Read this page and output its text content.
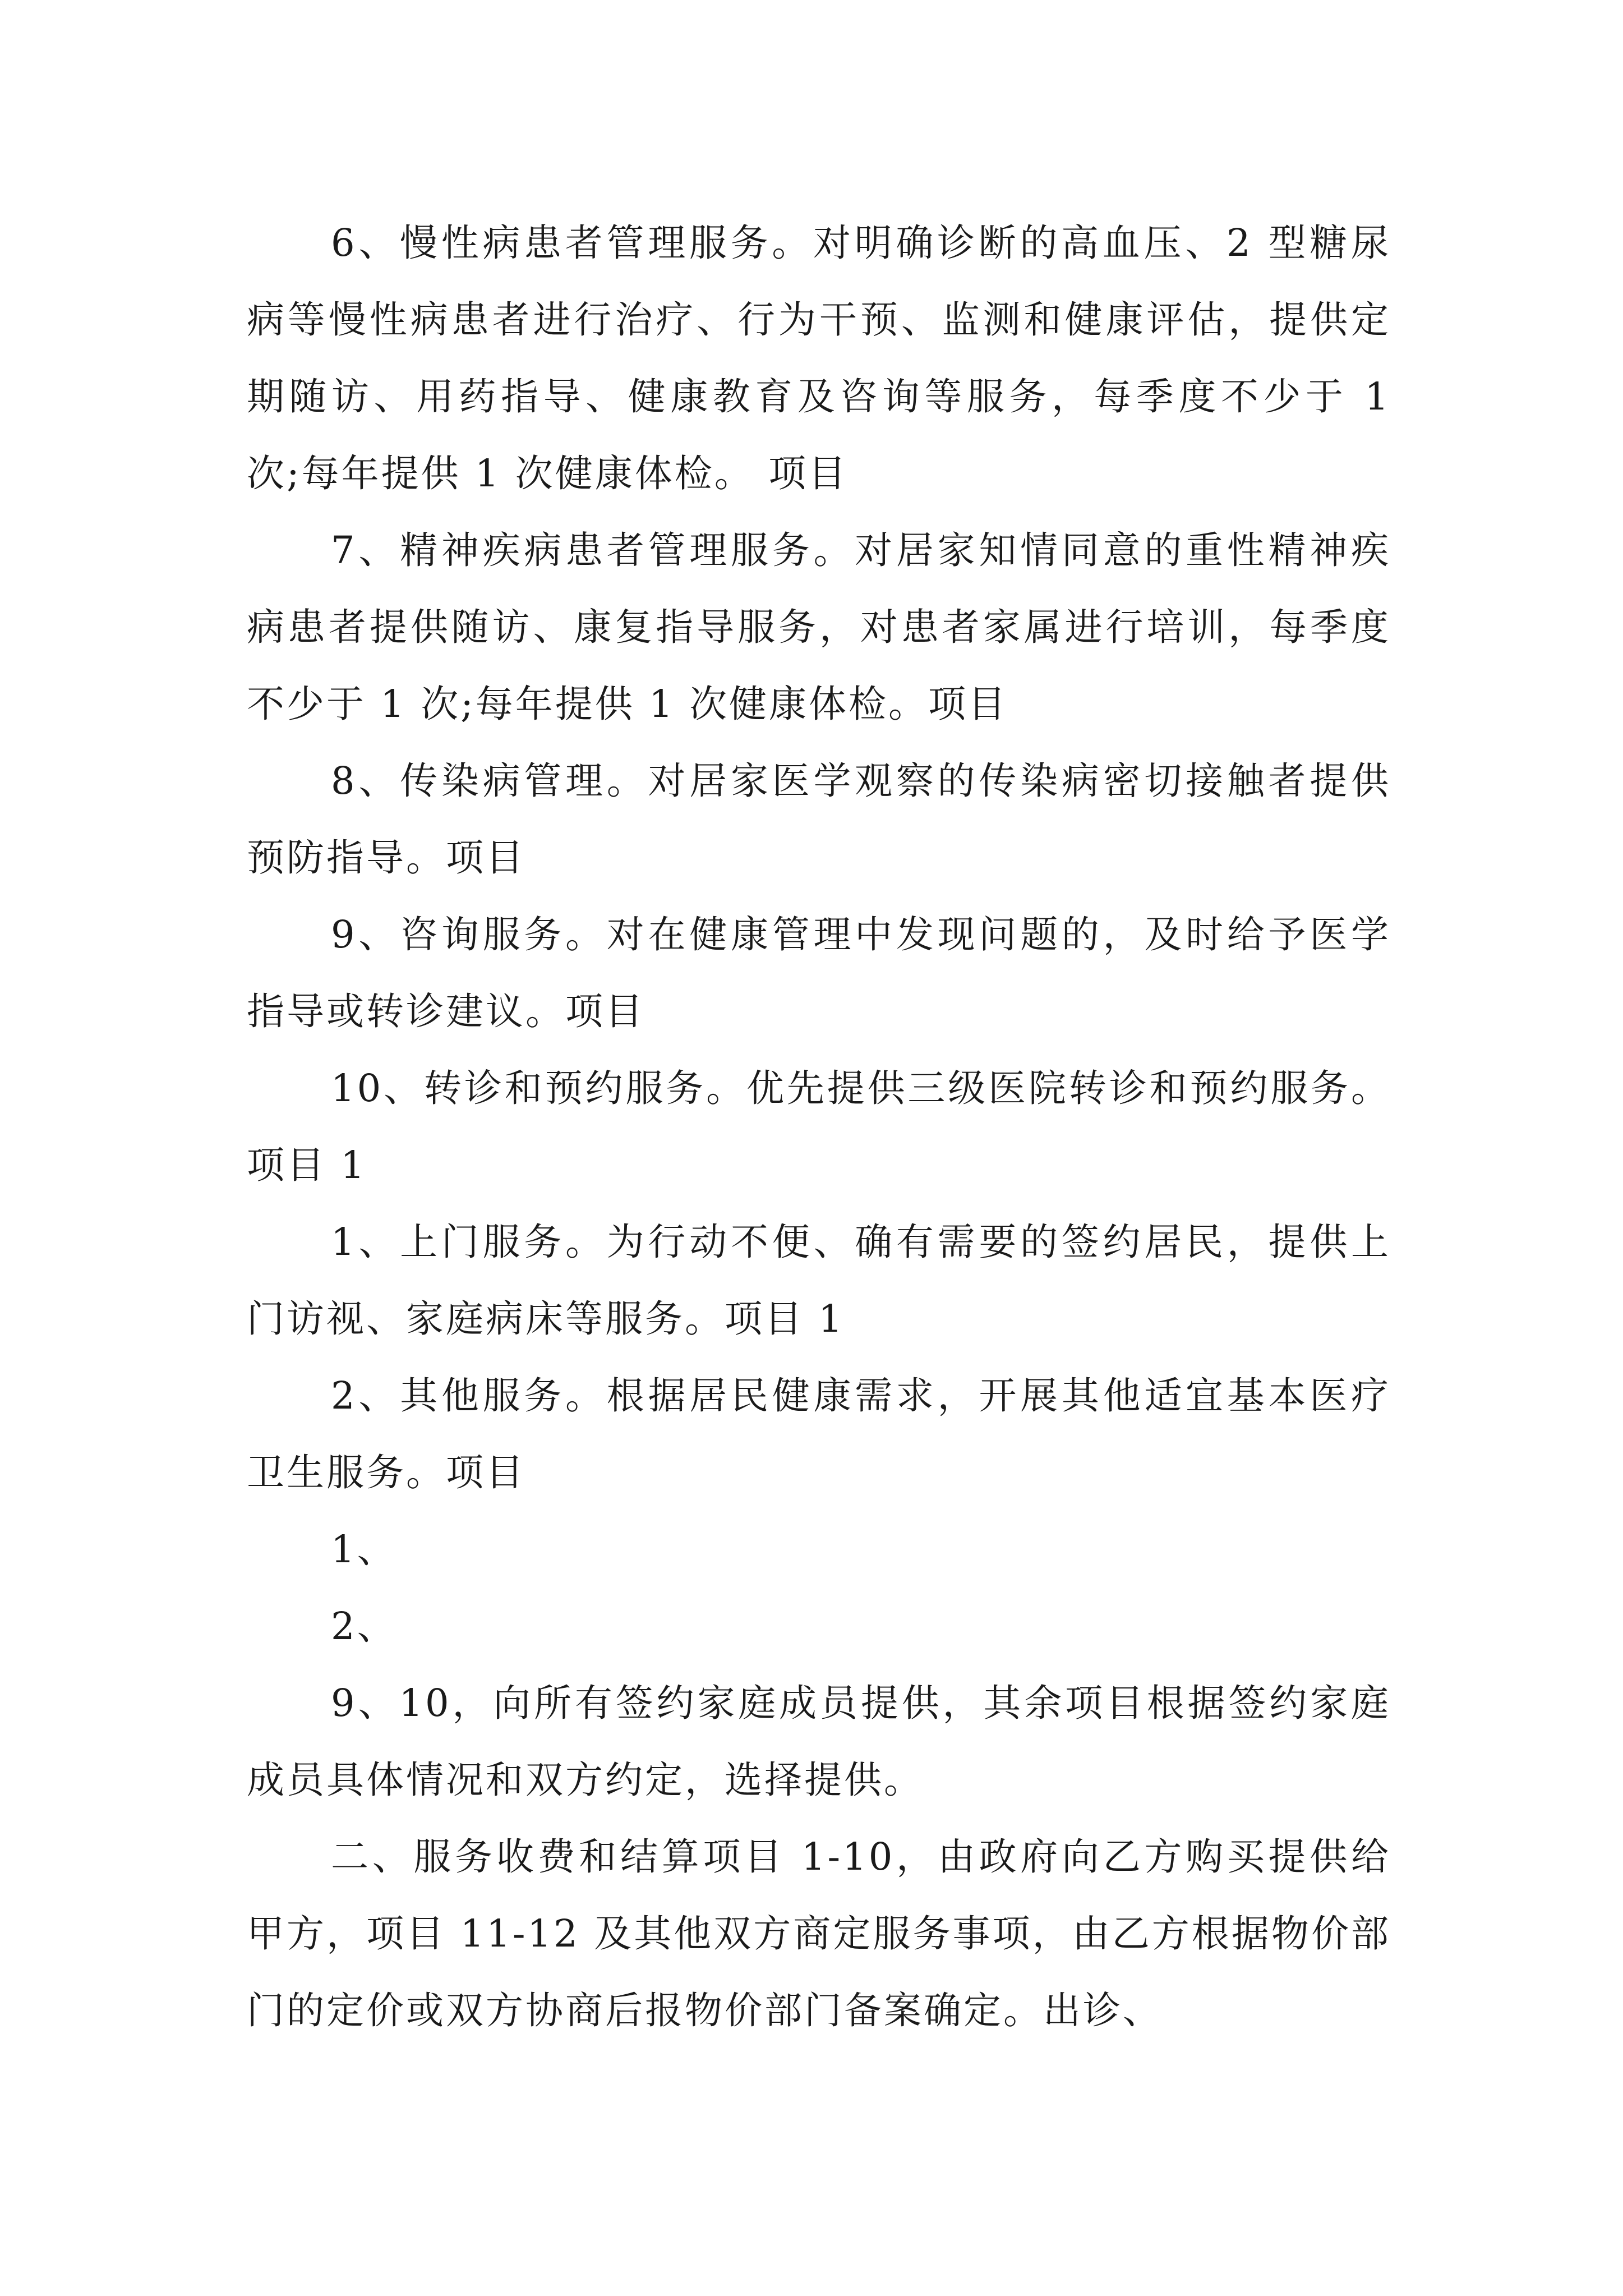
6、慢性病患者管理服务。对明确诊断的高血压、2 型糖尿病等慢性病患者进行治疗、行为干预、监测和健康评估，提供定期随访、用药指导、健康教育及咨询等服务，每季度不少于 1 次;每年提供 1 次健康体检。 项目

7、精神疾病患者管理服务。对居家知情同意的重性精神疾病患者提供随访、康复指导服务，对患者家属进行培训，每季度不少于 1 次;每年提供 1 次健康体检。项目

8、传染病管理。对居家医学观察的传染病密切接触者提供预防指导。项目

9、咨询服务。对在健康管理中发现问题的，及时给予医学指导或转诊建议。项目

10、转诊和预约服务。优先提供三级医院转诊和预约服务。 项目 1

1、上门服务。为行动不便、确有需要的签约居民，提供上门访视、家庭病床等服务。项目 1

2、其他服务。根据居民健康需求，开展其他适宜基本医疗卫生服务。项目

1、

2、

9、10，向所有签约家庭成员提供，其余项目根据签约家庭成员具体情况和双方约定，选择提供。

二、服务收费和结算项目 1-10，由政府向乙方购买提供给甲方，项目 11-12 及其他双方商定服务事项，由乙方根据物价部门的定价或双方协商后报物价部门备案确定。出诊、
